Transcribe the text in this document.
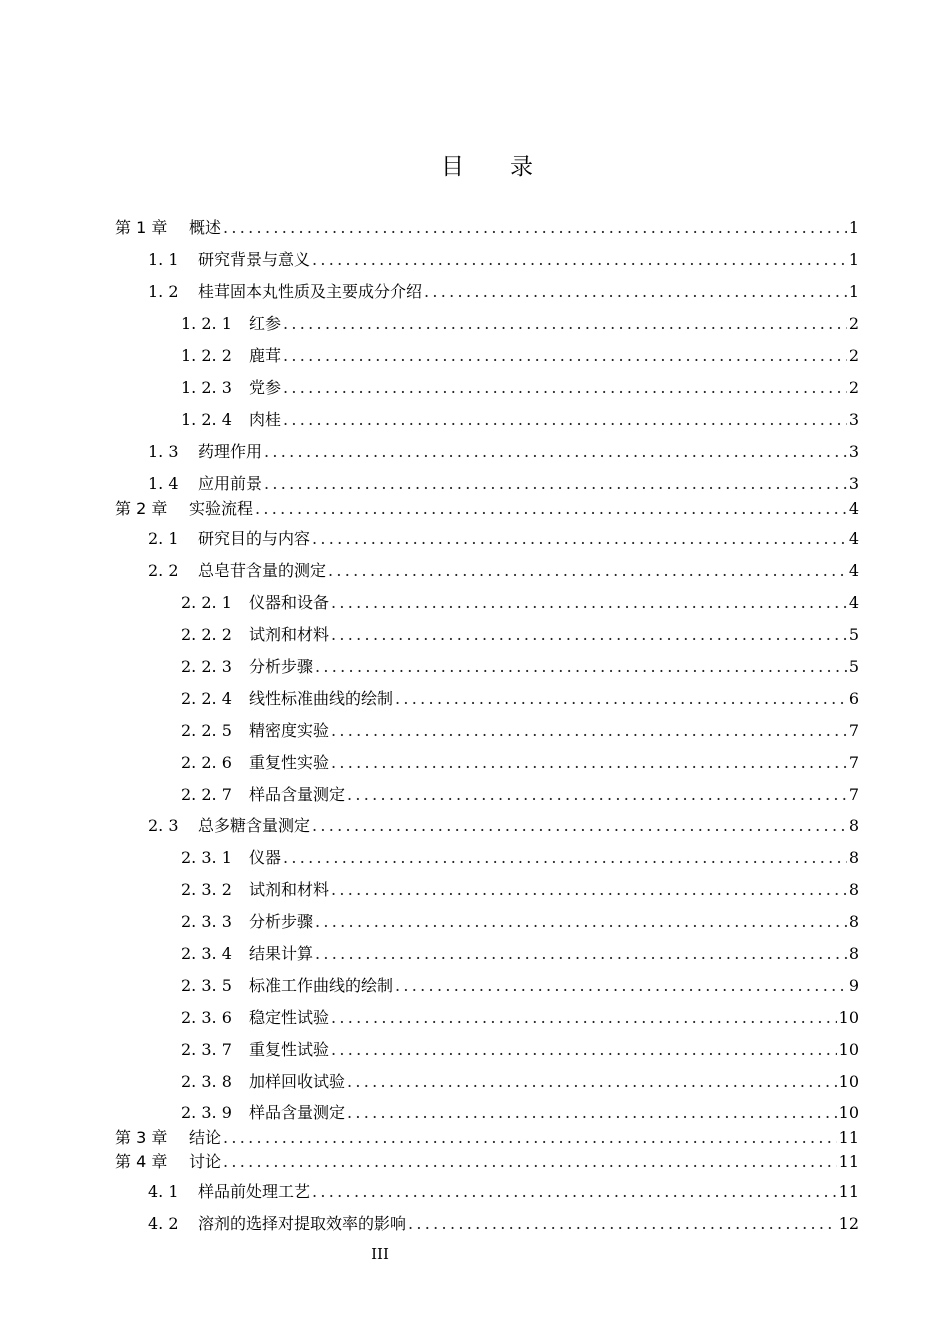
目 录
第 1 章	概述 .....	1
1. 1	研究背景与意义 .....	1
1. 2	桂茸固本丸性质及主要成分介绍 .....	1
1. 2. 1	红参 .....	2
1. 2. 2	鹿茸 .....	2
1. 2. 3	党参 .....	2
1. 2. 4	肉桂 .....	3
1. 3	药理作用 .....	3
1. 4	应用前景 .....	3
第 2 章	实验流程 .....	4
2. 1	研究目的与内容 .....	4
2. 2	总皂苷含量的测定 .....	4
2. 2. 1	仪器和设备 .....	4
2. 2. 2	试剂和材料 .....	5
2. 2. 3	分析步骤 .....	5
2. 2. 4	线性标准曲线的绘制 .....	6
2. 2. 5	精密度实验 .....	7
2. 2. 6	重复性实验 .....	7
2. 2. 7	样品含量测定 .....	7
2. 3	总多糖含量测定 .....	8
2. 3. 1	仪器 .....	8
2. 3. 2	试剂和材料 .....	8
2. 3. 3	分析步骤 .....	8
2. 3. 4	结果计算 .....	8
2. 3. 5	标准工作曲线的绘制 .....	9
2. 3. 6	稳定性试验 .....	10
2. 3. 7	重复性试验 .....	10
2. 3. 8	加样回收试验 .....	10
2. 3. 9	样品含量测定 .....	10
第 3 章	结论 .....	11
第 4 章	讨论 .....	11
4. 1	样品前处理工艺 .....	11
4. 2	溶剂的选择对提取效率的影响 .....	12
III
